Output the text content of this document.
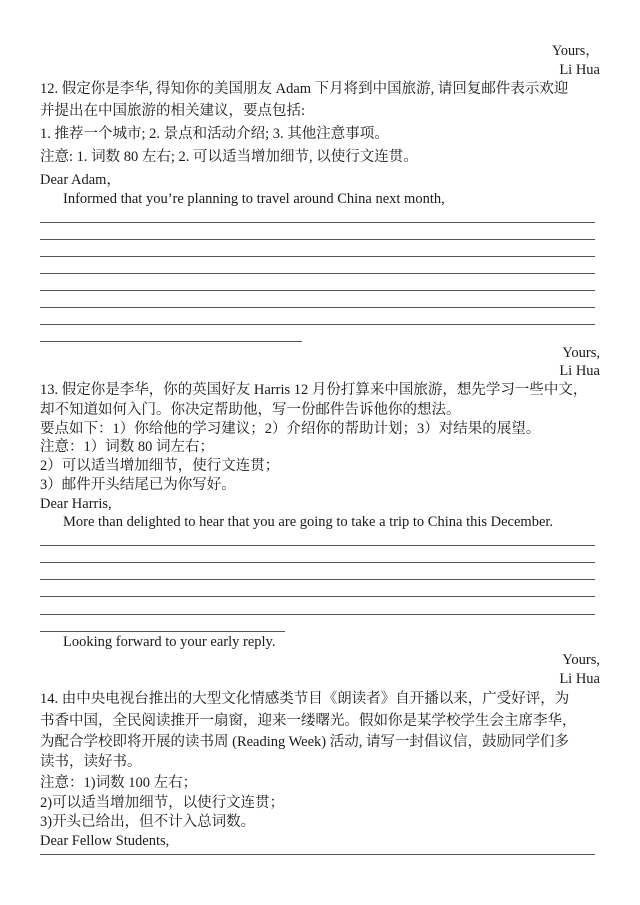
Yours，
Li Hua
12. 假定你是李华, 得知你的美国朋友 Adam 下月将到中国旅游, 请回复邮件表示欢迎
并提出在中国旅游的相关建议，要点包括:
1. 推荐一个城市; 2. 景点和活动介绍; 3. 其他注意事项。
注意: 1. 词数 80 左右; 2. 可以适当增加细节, 以使行文连贯。
Dear Adam，
Informed that you’re planning to travel around China next month,
Yours,
Li Hua
13. 假定你是李华，你的英国好友 Harris 12 月份打算来中国旅游，想先学习一些中文，
却不知道如何入门。你决定帮助他，写一份邮件告诉他你的想法。
要点如下：1）你给他的学习建议；2）介绍你的帮助计划；3）对结果的展望。
注意：1）词数 80 词左右；
2）可以适当增加细节，使行文连贯；
3）邮件开头结尾已为你写好。
Dear Harris,
More than delighted to hear that you are going to take a trip to China this December.
Looking forward to your early reply.
Yours,
Li Hua
14. 由中央电视台推出的大型文化情感类节目《朗读者》自开播以来，广受好评，为
书香中国，全民阅读推开一扇窗，迎来一缕曙光。假如你是某学校学生会主席李华，
为配合学校即将开展的读书周 (Reading Week) 活动, 请写一封倡议信，鼓励同学们多
读书，读好书。
注意：1)词数 100 左右；
2)可以适当增加细节，以使行文连贯；
3)开头已给出，但不计入总词数。
Dear Fellow Students,
